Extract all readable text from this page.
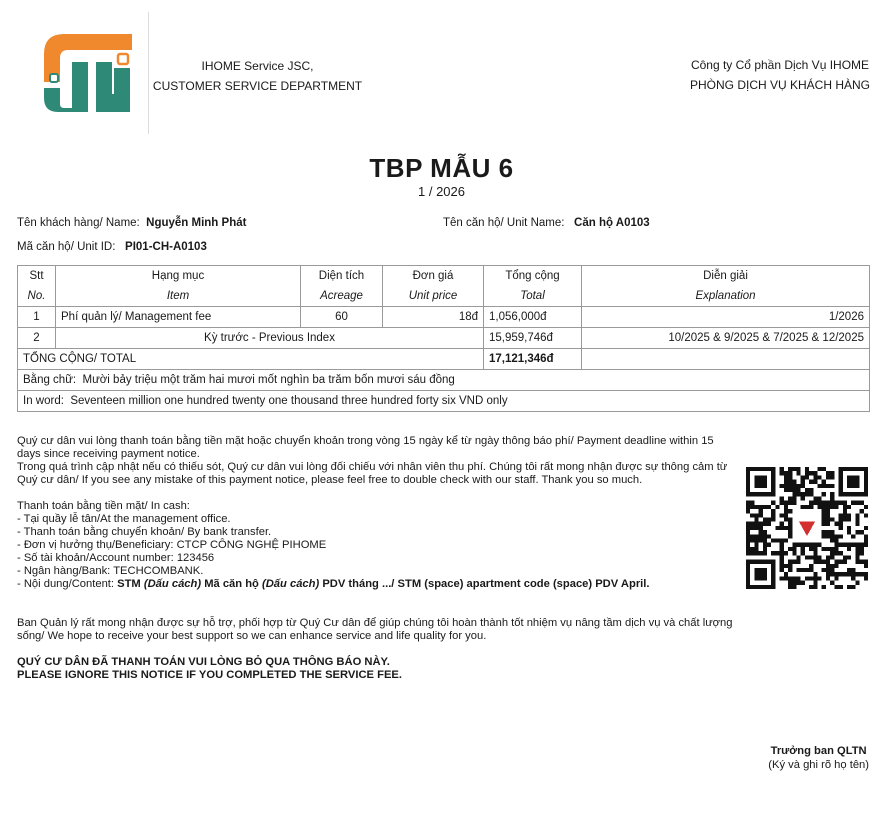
IHOME Service JSC,
CUSTOMER SERVICE DEPARTMENT
Công ty Cổ phần Dịch Vụ IHOME
PHÒNG DỊCH VỤ KHÁCH HÀNG
TBP MẪU 6
1 / 2026
Tên khách hàng/ Name: Nguyễn Minh Phát	Tên căn hộ/ Unit Name: Căn hộ A0103
Mã căn hộ/ Unit ID: PI01-CH-A0103
Stt	Hạng mục	Diện tích	Đơn giá	Tổng cộng	Diễn giải
No.	Item	Acreage	Unit price	Total	Explanation
1	Phí quản lý/ Management fee	60	18đ	1,056,000đ	1/2026
2	Kỳ trước - Previous Index			15,959,746đ	10/2025 & 9/2025 & 7/2025 & 12/2025
TỔNG CỘNG/ TOTAL				17,121,346đ	
Bằng chữ: Mười bảy triệu một trăm hai mươi mốt nghìn ba trăm bốn mươi sáu đồng					
In word: Seventeen million one hundred twenty one thousand three hundred forty six VND only					

Quý cư dân vui lòng thanh toán bằng tiền mặt hoặc chuyển khoản trong vòng 15 ngày kể từ ngày thông báo phí/ Payment deadline within 15 days since receiving payment notice.

Trong quá trình cập nhật nếu có thiếu sót, Quý cư dân vui lòng đối chiếu với nhân viên thu phí. Chúng tôi rất mong nhận được sự thông cảm từ Quý cư dân/ If you see any mistake of this payment notice, please feel free to double check with our staff. Thank you so much.

Thanh toán bằng tiền mặt/ In cash:

- Tại quầy lễ tân/At the management office.

- Thanh toán bằng chuyển khoản/ By bank transfer.

- Đơn vị hưởng thụ/Beneficiary: CTCP CÔNG NGHỆ PIHOME

- Số tài khoản/Account number: 123456

- Ngân hàng/Bank: TECHCOMBANK.

- Nội dung/Content: STM (Dấu cách) Mã căn hộ (Dấu cách) PDV tháng .../ STM (space) apartment code (space) PDV April.

Ban Quản lý rất mong nhận được sự hỗ trợ, phối hợp từ Quý Cư dân để giúp chúng tôi hoàn thành tốt nhiệm vụ nâng tầm dịch vụ và chất lượng sống/ We hope to receive your best support so we can enhance service and life quality for you.

QUÝ CƯ DÂN ĐÃ THANH TOÁN VUI LÒNG BỎ QUA THÔNG BÁO NÀY.

PLEASE IGNORE THIS NOTICE IF YOU COMPLETED THE SERVICE FEE.

Trưởng ban QLTN
(Ký và ghi rõ họ tên)
